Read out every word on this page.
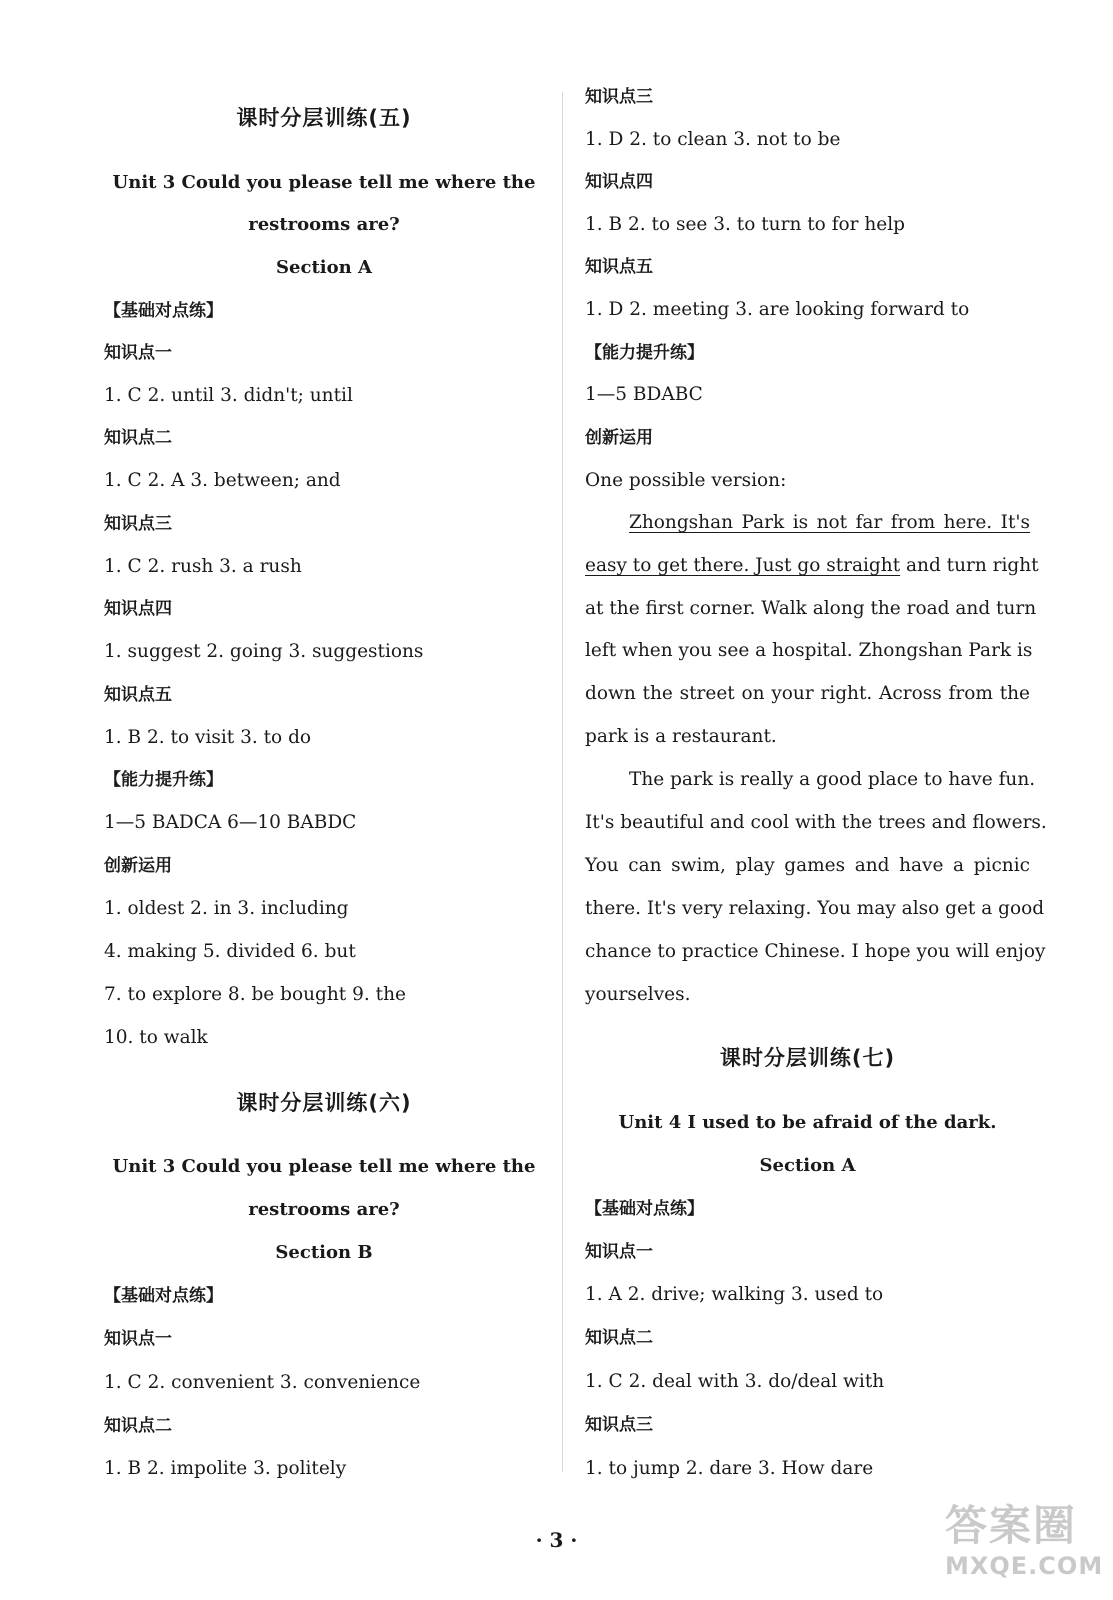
课时分层训练(五)
Unit 3 Could you please tell me where the
restrooms are?
Section A
【基础对点练】
知识点一
1. C 2. until 3. didn't; until
知识点二
1. C 2. A 3. between; and
知识点三
1. C 2. rush 3. a rush
知识点四
1. suggest 2. going 3. suggestions
知识点五
1. B 2. to visit 3. to do
【能力提升练】
1—5 BADCA 6—10 BABDC
创新运用
1. oldest 2. in 3. including
4. making 5. divided 6. but
7. to explore 8. be bought 9. the
10. to walk
课时分层训练(六)
Unit 3 Could you please tell me where the
restrooms are?
Section B
【基础对点练】
知识点一
1. C 2. convenient 3. convenience
知识点二
1. B 2. impolite 3. politely
知识点三
1. D 2. to clean 3. not to be
知识点四
1. B 2. to see 3. to turn to for help
知识点五
1. D 2. meeting 3. are looking forward to
【能力提升练】
1—5 BDABC
创新运用
One possible version:
Zhongshan Park is not far from here. It's
easy to get there. Just go straight and turn right
at the first corner. Walk along the road and turn
left when you see a hospital. Zhongshan Park is
down the street on your right. Across from the
park is a restaurant.
The park is really a good place to have fun.
It's beautiful and cool with the trees and flowers.
You can swim, play games and have a picnic
there. It's very relaxing. You may also get a good
chance to practice Chinese. I hope you will enjoy
yourselves.
课时分层训练(七)
Unit 4 I used to be afraid of the dark.
Section A
【基础对点练】
知识点一
1. A 2. drive; walking 3. used to
知识点二
1. C 2. deal with 3. do/deal with
知识点三
1. to jump 2. dare 3. How dare
· 3 ·	答案圈
MXQE.COM
